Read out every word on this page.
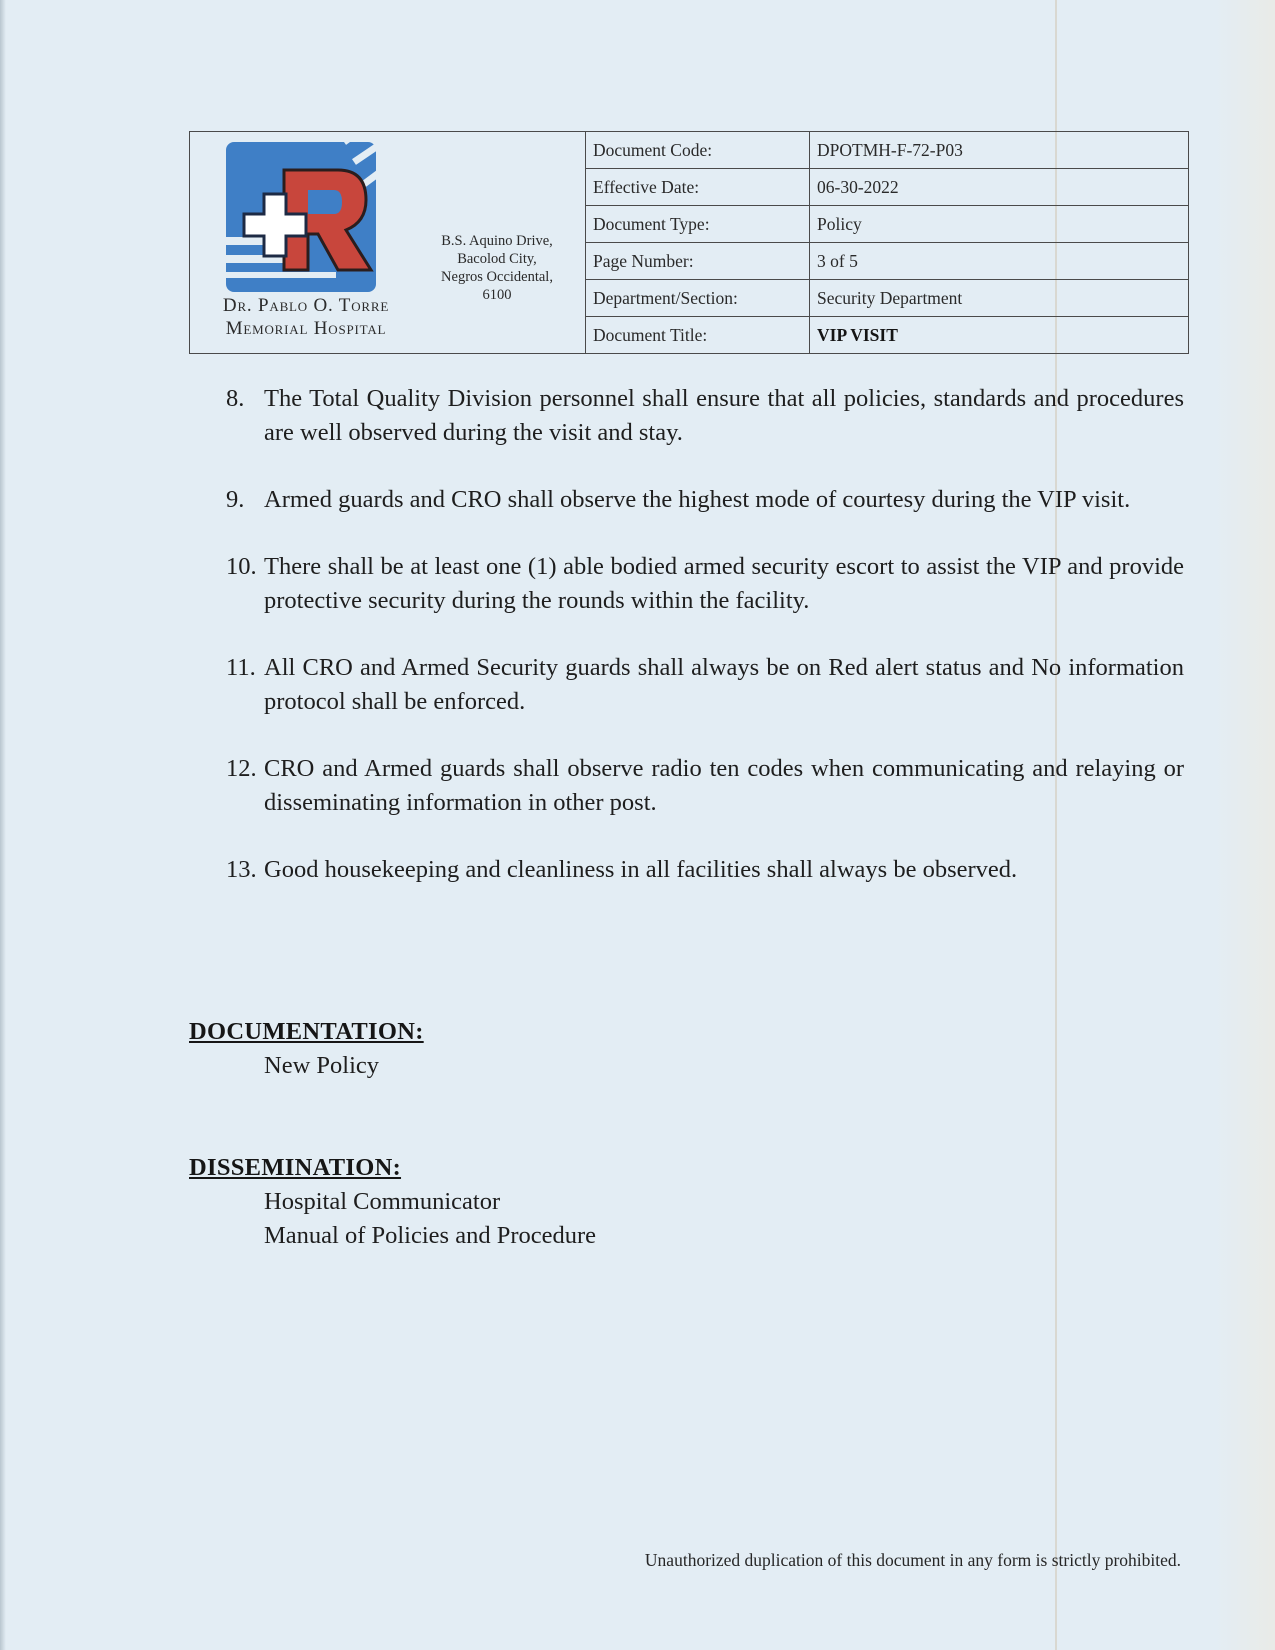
Dr. Pablo O. Torre
Memorial Hospital
B.S. Aquino Drive,
Bacolod City,
Negros Occidental,
6100
Document Code:	DPOTMH-F-72-P03
Effective Date:	06-30-2022
Document Type:	Policy
Page Number:	3 of 5
Department/Section:	Security Department
Document Title:	VIP VISIT
8. The Total Quality Division personnel shall ensure that all policies, standards and procedures are well observed during the visit and stay.
9. Armed guards and CRO shall observe the highest mode of courtesy during the VIP visit.
10. There shall be at least one (1) able bodied armed security escort to assist the VIP and provide protective security during the rounds within the facility.
11. All CRO and Armed Security guards shall always be on Red alert status and No information protocol shall be enforced.
12. CRO and Armed guards shall observe radio ten codes when communicating and relaying or disseminating information in other post.
13. Good housekeeping and cleanliness in all facilities shall always be observed.
DOCUMENTATION:
New Policy
DISSEMINATION:
Hospital Communicator
Manual of Policies and Procedure
Unauthorized duplication of this document in any form is strictly prohibited.
